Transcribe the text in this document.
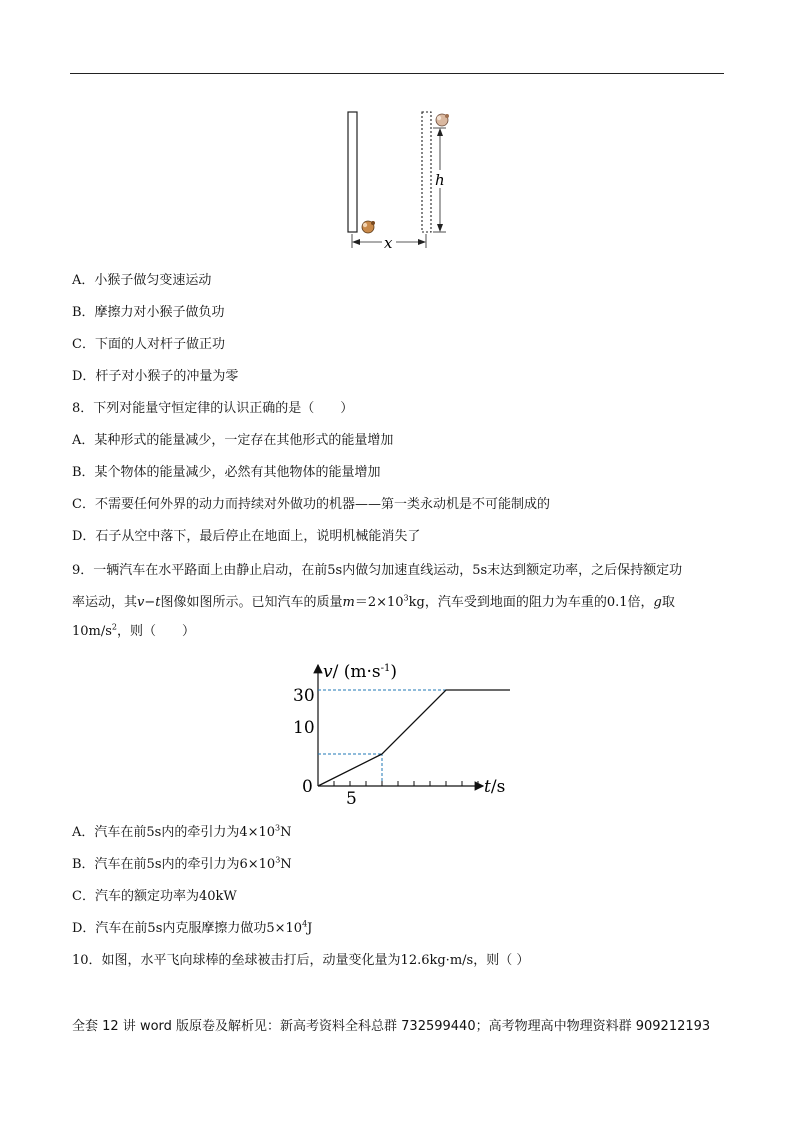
h
x
A．小猴子做匀变速运动
B．摩擦力对小猴子做负功
C．下面的人对杆子做正功
D．杆子对小猴子的冲量为零
8．下列对能量守恒定律的认识正确的是（　　）
A．某种形式的能量减少，一定存在其他形式的能量增加
B．某个物体的能量减少，必然有其他物体的能量增加
C．不需要任何外界的动力而持续对外做功的机器——第一类永动机是不可能制成的
D．石子从空中落下，最后停止在地面上，说明机械能消失了
9．一辆汽车在水平路面上由静止启动，在前5s内做匀加速直线运动，5s末达到额定功率，之后保持额定功
率运动，其v−t图像如图所示。已知汽车的质量$m=2\times 10^3kg$，汽车受到地面的阻力为车重的0.1倍，g取
$10m/s^2$，则（　　）
v/ $(m\cdot s^{-1})$
t/s
0
10
30
5
A．汽车在前5s内的牵引力为$4\times 10^3N$
B．汽车在前5s内的牵引力为$6\times 10^3N$
C．汽车的额定功率为40kW
D．汽车在前5s内克服摩擦力做功$5\times 10^4J$
10．如图，水平飞向球棒的垒球被击打后，动量变化量为12.6kg·m/s，则（ ）
全套 12 讲 word 版原卷及解析见：新高考资料全科总群 732599440；高考物理高中物理资料群 909212193
